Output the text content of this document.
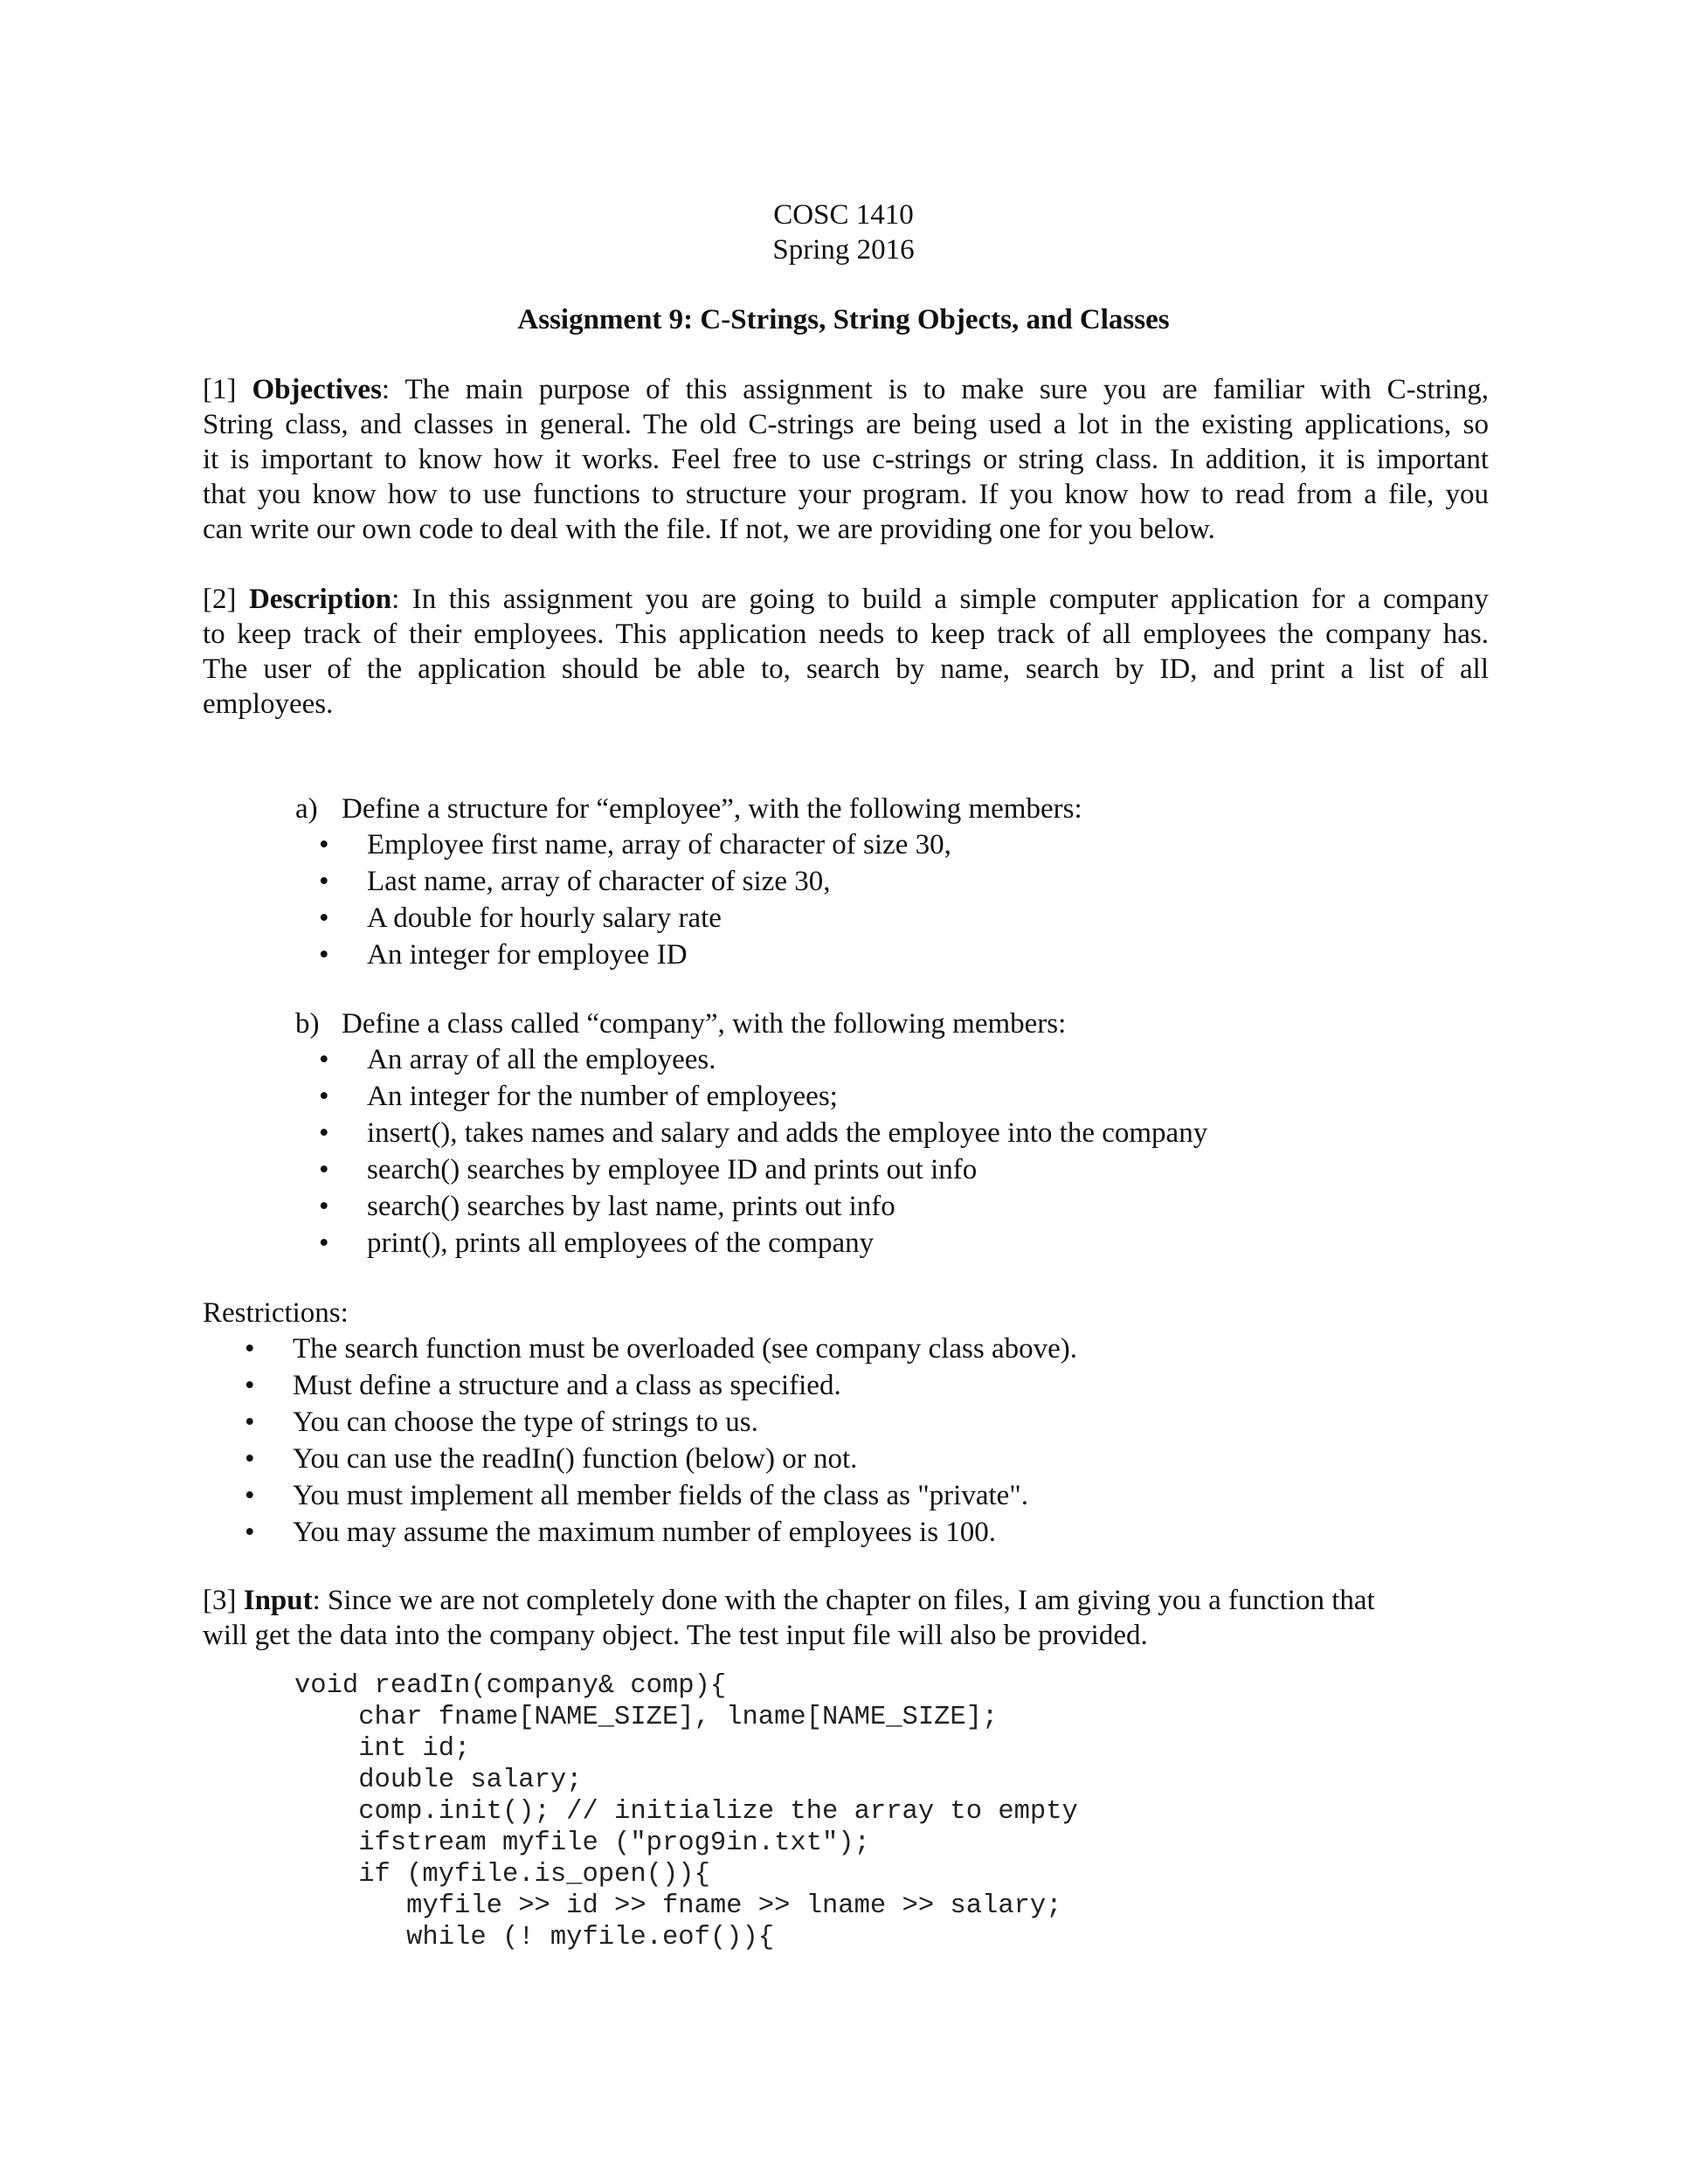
COSC 1410
Spring 2016
Assignment 9: C-Strings, String Objects, and Classes
[1] Objectives: The main purpose of this assignment is to make sure you are familiar with C-string,
String class, and classes in general. The old C-strings are being used a lot in the existing applications, so
it is important to know how it works. Feel free to use c-strings or string class. In addition, it is important
that you know how to use functions to structure your program. If you know how to read from a file, you
can write our own code to deal with the file. If not, we are providing one for you below.
[2] Description: In this assignment you are going to build a simple computer application for a company
to keep track of their employees. This application needs to keep track of all employees the company has.
The user of the application should be able to, search by name, search by ID, and print a list of all
employees.
a) Define a structure for “employee”, with the following members:
• Employee first name, array of character of size 30,
• Last name, array of character of size 30,
• A double for hourly salary rate
• An integer for employee ID
b) Define a class called “company”, with the following members:
• An array of all the employees.
• An integer for the number of employees;
• insert(), takes names and salary and adds the employee into the company
• search() searches by employee ID and prints out info
• search() searches by last name, prints out info
• print(), prints all employees of the company
Restrictions:
• The search function must be overloaded (see company class above).
• Must define a structure and a class as specified.
• You can choose the type of strings to us.
• You can use the readIn() function (below) or not.
• You must implement all member fields of the class as "private".
• You may assume the maximum number of employees is 100.
[3] Input: Since we are not completely done with the chapter on files, I am giving you a function that
will get the data into the company object. The test input file will also be provided.
void readIn(company& comp){
char fname[NAME_SIZE], lname[NAME_SIZE];
int id;
double salary;
comp.init(); // initialize the array to empty
ifstream myfile ("prog9in.txt");
if (myfile.is_open()){
myfile >> id >> fname >> lname >> salary;
while (! myfile.eof()){
